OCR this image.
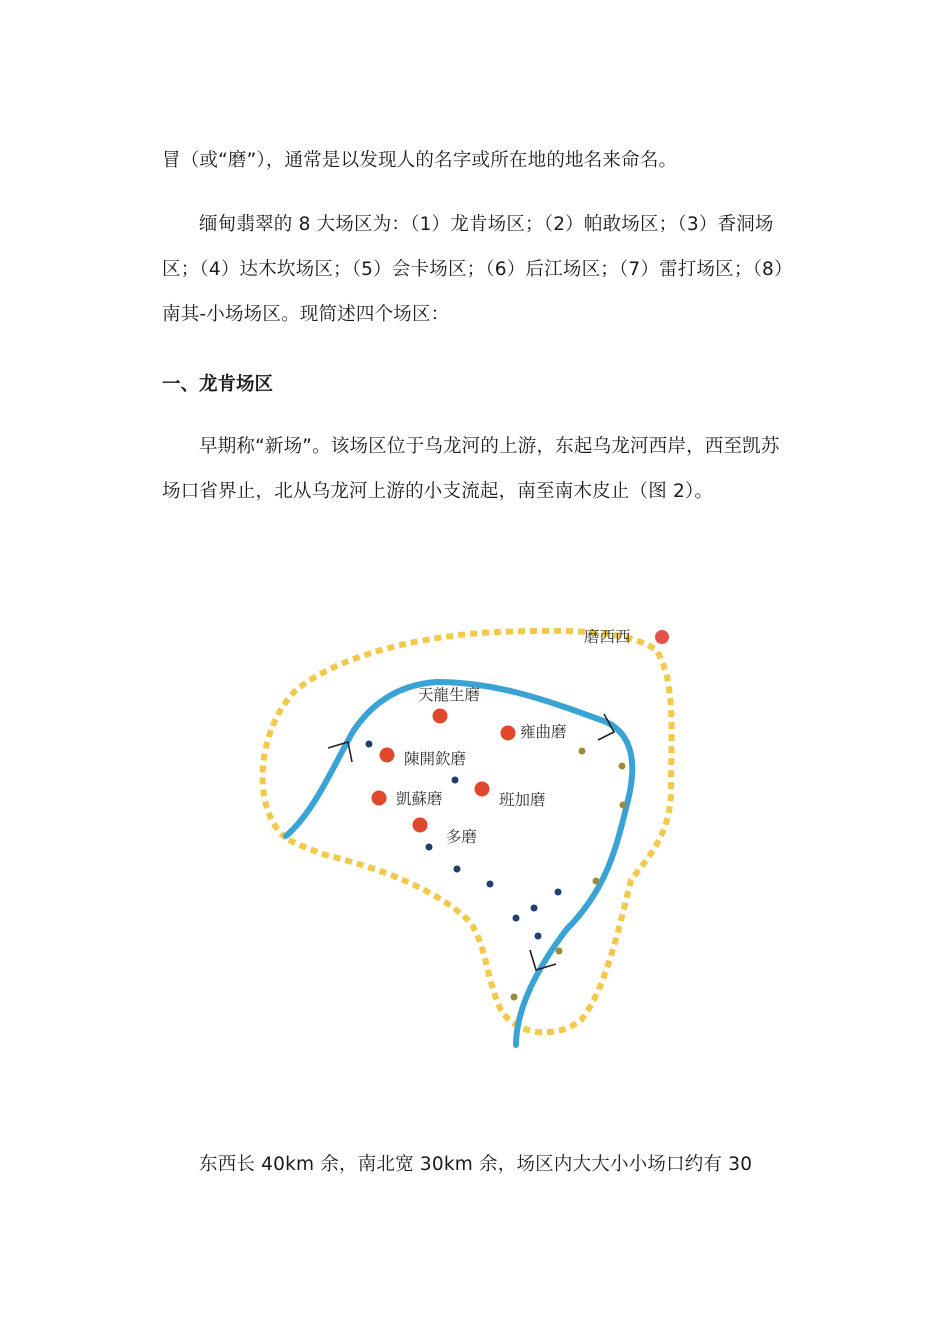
冒（或“磨”），通常是以发现人的名字或所在地的地名来命名。

缅甸翡翠的 8 大场区为：（1）龙肯场区；（2）帕敢场区；（3）香洞场区；（4）达木坎场区；（5）会卡场区；（6）后江场区；（7）雷打场区；（8）南其-小场场区。现简述四个场区：

一、龙肯场区

早期称“新场”。该场区位于乌龙河的上游，东起乌龙河西岸，西至凯苏场口省界止，北从乌龙河上游的小支流起，南至南木皮止（图 2）。

磨西西
天龍生磨
雍曲磨
陳開欽磨
凱蘇磨	班加磨
多磨

东西长 40km 余，南北宽 30km 余，场区内大大小小场口约有 30
